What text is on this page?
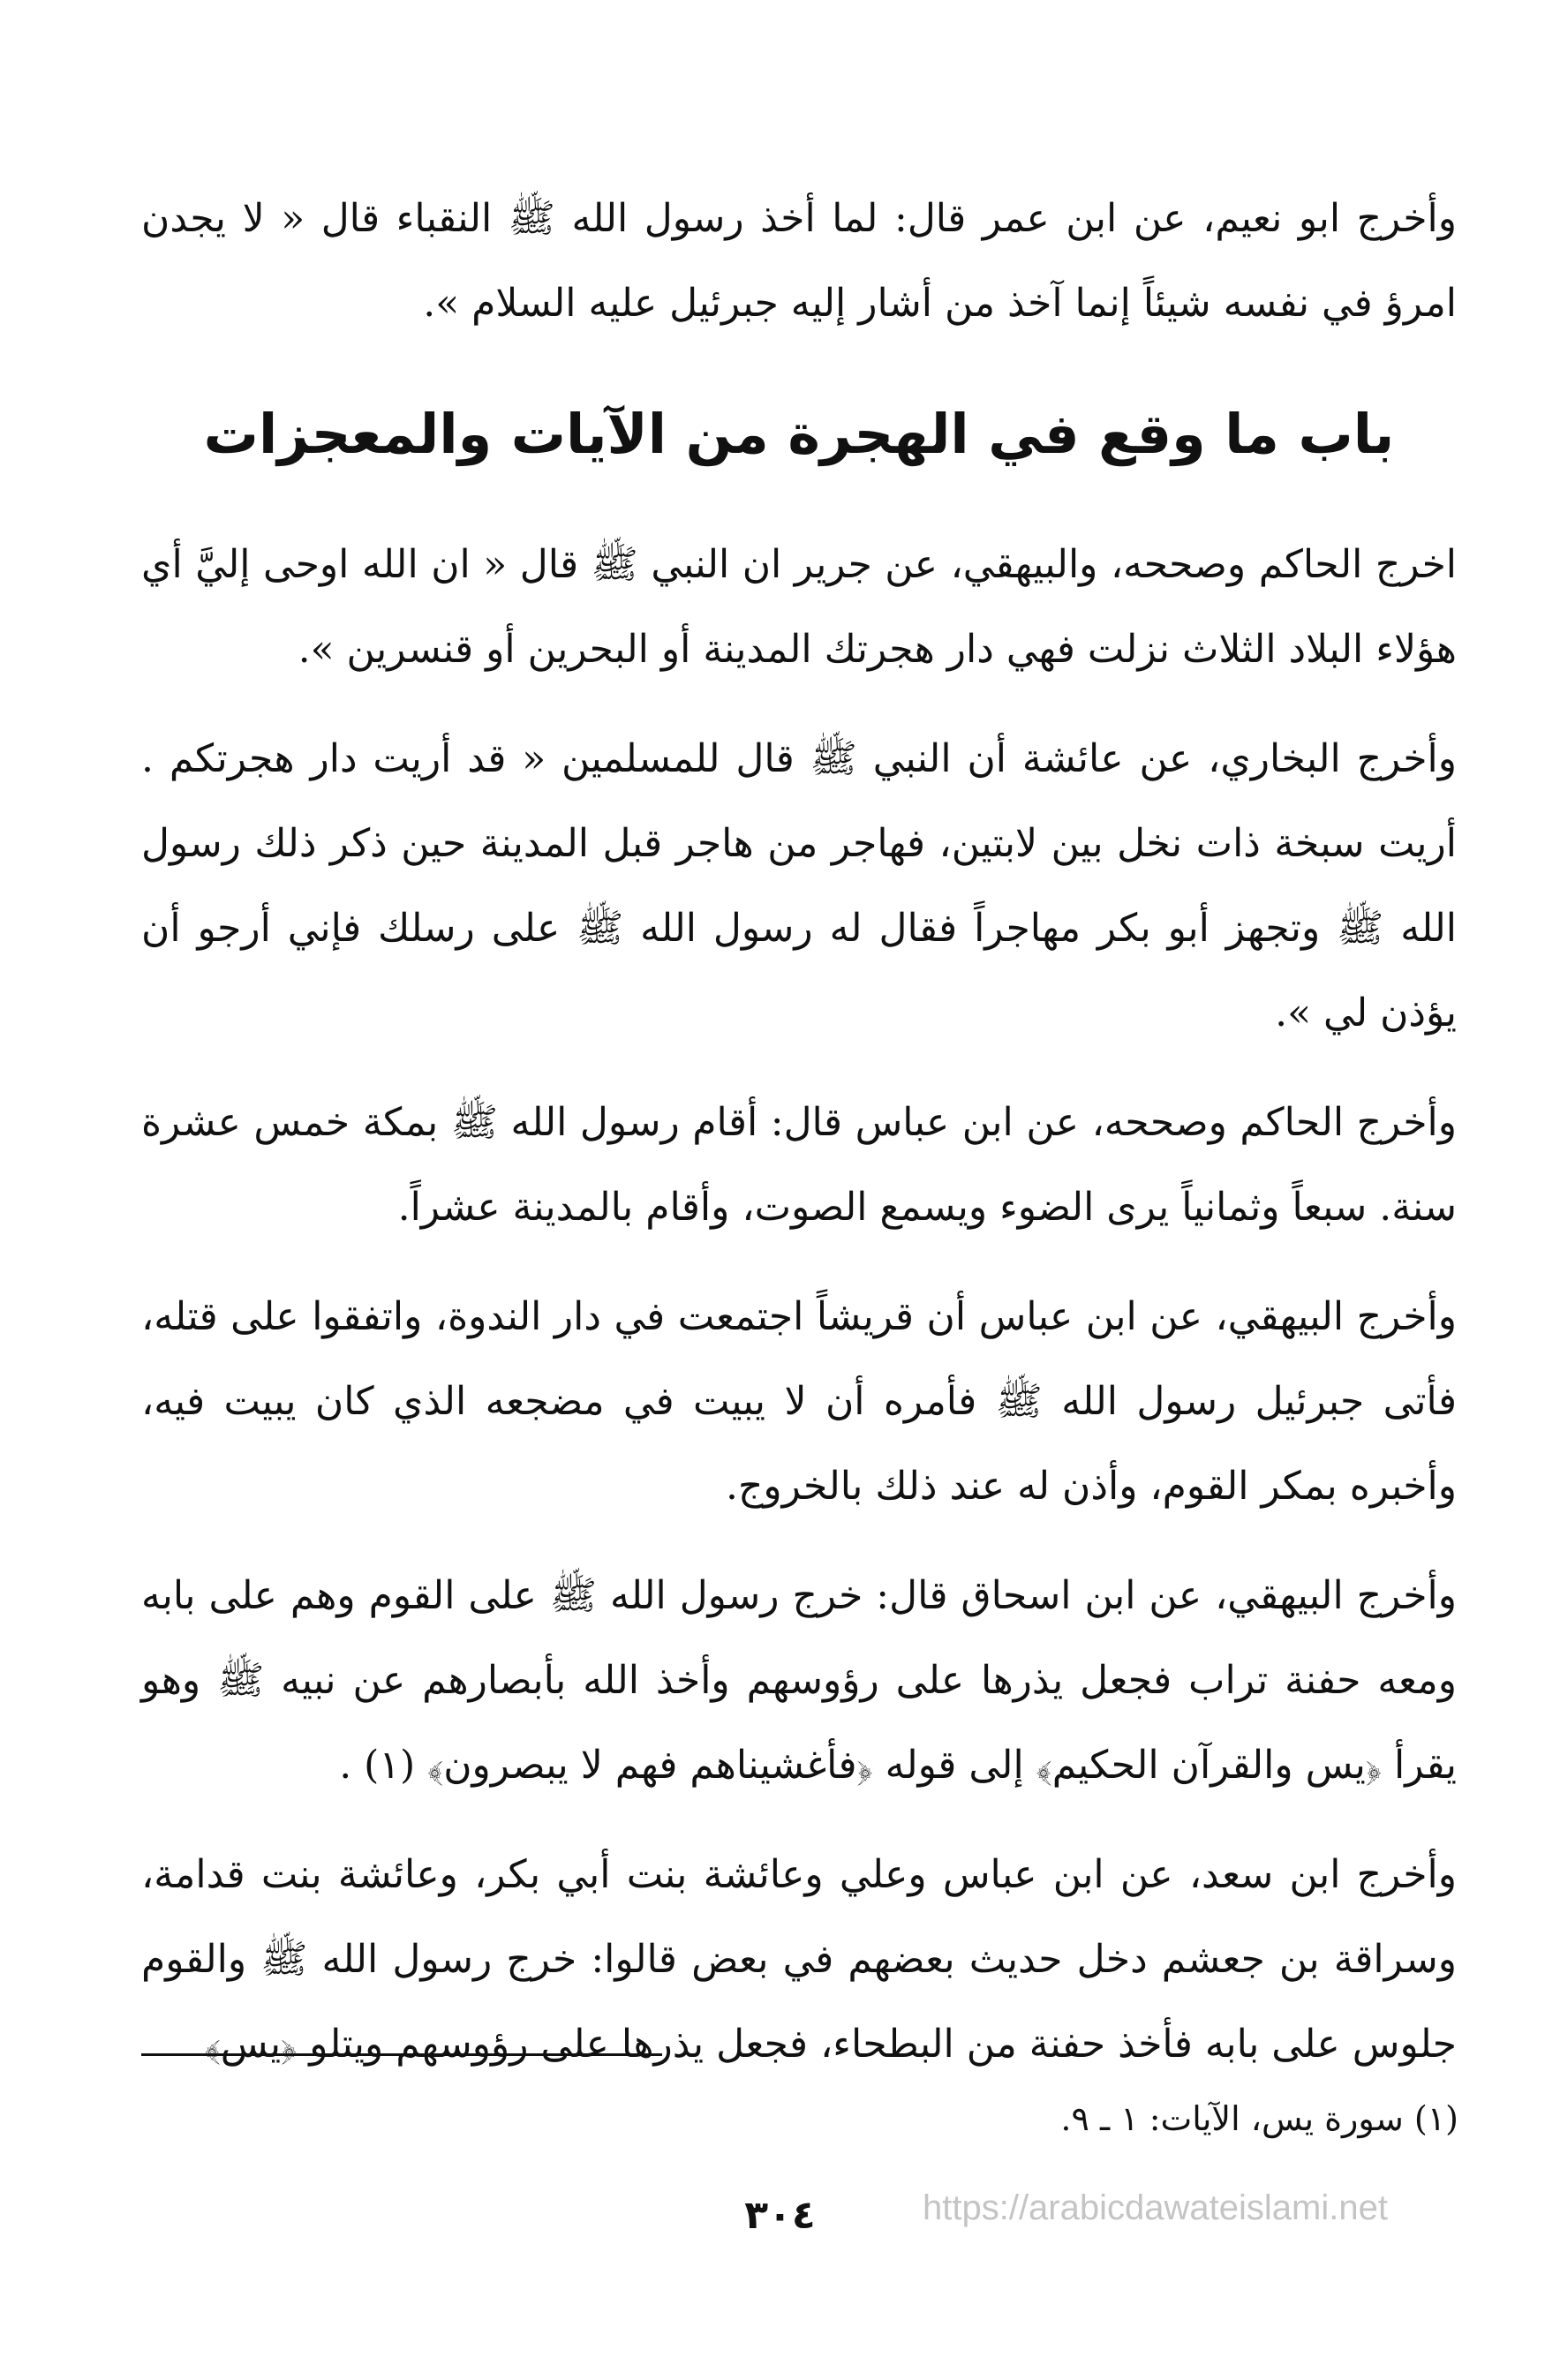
وأخرج ابو نعيم، عن ابن عمر قال: لما أخذ رسول الله ﷺ النقباء قال « لا يجدن امرؤ في نفسه شيئاً إنما آخذ من أشار إليه جبرئيل عليه السلام ».

باب ما وقع في الهجرة من الآيات والمعجزات

اخرج الحاكم وصححه، والبيهقي، عن جرير ان النبي ﷺ قال « ان الله اوحى إليَّ أي هؤلاء البلاد الثلاث نزلت فهي دار هجرتك المدينة أو البحرين أو قنسرين ».

وأخرج البخاري، عن عائشة أن النبي ﷺ قال للمسلمين « قد أريت دار هجرتكم . أريت سبخة ذات نخل بين لابتين، فهاجر من هاجر قبل المدينة حين ذكر ذلك رسول الله ﷺ وتجهز أبو بكر مهاجراً فقال له رسول الله ﷺ على رسلك فإني أرجو أن يؤذن لي ».

وأخرج الحاكم وصححه، عن ابن عباس قال: أقام رسول الله ﷺ بمكة خمس عشرة سنة. سبعاً وثمانياً يرى الضوء ويسمع الصوت، وأقام بالمدينة عشراً.

وأخرج البيهقي، عن ابن عباس أن قريشاً اجتمعت في دار الندوة، واتفقوا على قتله، فأتى جبرئيل رسول الله ﷺ فأمره أن لا يبيت في مضجعه الذي كان يبيت فيه، وأخبره بمكر القوم، وأذن له عند ذلك بالخروج.

وأخرج البيهقي، عن ابن اسحاق قال: خرج رسول الله ﷺ على القوم وهم على بابه ومعه حفنة تراب فجعل يذرها على رؤوسهم وأخذ الله بأبصارهم عن نبيه ﷺ وهو يقرأ ﴿يس والقرآن الحكيم﴾ إلى قوله ﴿فأغشيناهم فهم لا يبصرون﴾ (١) .

وأخرج ابن سعد، عن ابن عباس وعلي وعائشة بنت أبي بكر، وعائشة بنت قدامة، وسراقة بن جعشم دخل حديث بعضهم في بعض قالوا: خرج رسول الله ﷺ والقوم جلوس على بابه فأخذ حفنة من البطحاء، فجعل يذرها على رؤوسهم ويتلو ﴿يس﴾

(١) سورة يس، الآيات: ١ ـ ٩.
٣٠٤	https://arabicdawateislami.net
